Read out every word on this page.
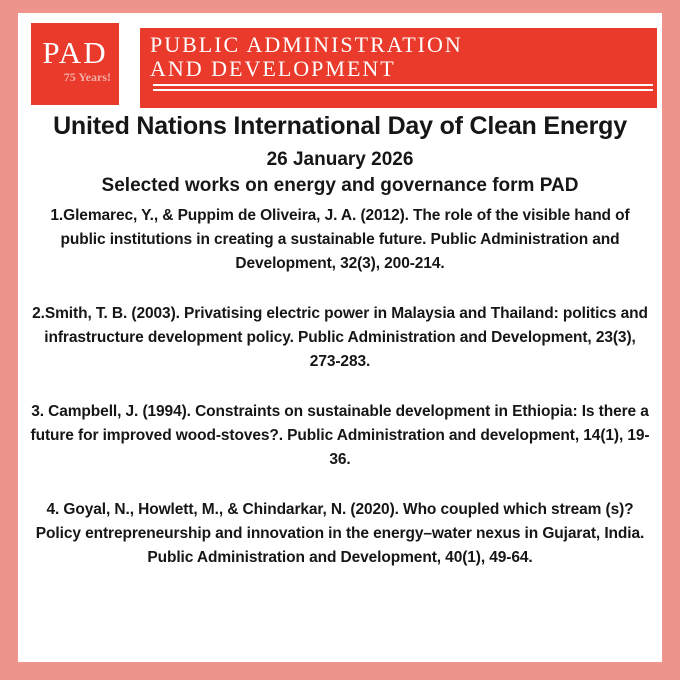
PAD
75 Years!
PUBLIC ADMINISTRATION
AND DEVELOPMENT
United Nations International Day of Clean Energy
26 January 2026
Selected works on energy and governance form PAD

1.Glemarec, Y., & Puppim de Oliveira, J. A. (2012). The role of the visible hand of public institutions in creating a sustainable future. Public Administration and Development, 32(3), 200-214.

2.Smith, T. B. (2003). Privatising electric power in Malaysia and Thailand: politics and infrastructure development policy. Public Administration and Development, 23(3), 273-283.

3. Campbell, J. (1994). Constraints on sustainable development in Ethiopia: Is there a future for improved wood-stoves?. Public Administration and development, 14(1), 19-36.

4. Goyal, N., Howlett, M., & Chindarkar, N. (2020). Who coupled which stream (s)? Policy entrepreneurship and innovation in the energy–water nexus in Gujarat, India. Public Administration and Development, 40(1), 49-64.
